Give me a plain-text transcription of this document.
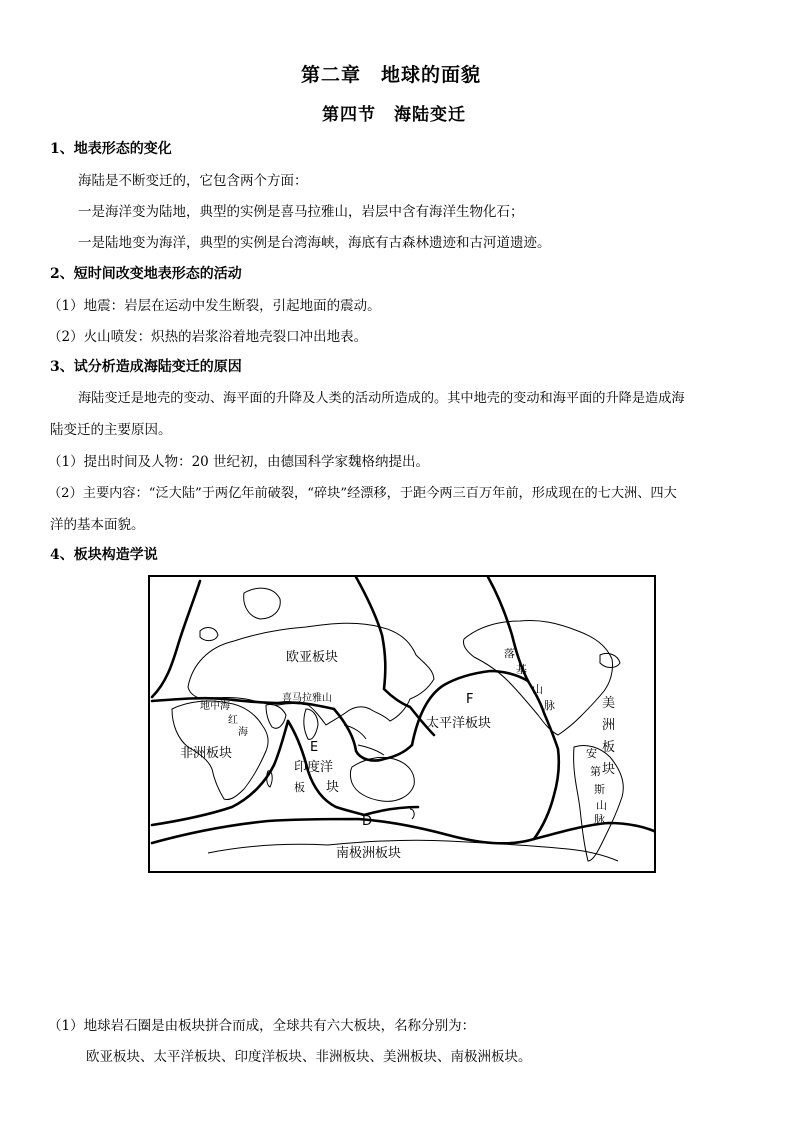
第二章　地球的面貌
第四节　海陆变迁
1、地表形态的变化
海陆是不断变迁的，它包含两个方面：
一是海洋变为陆地，典型的实例是喜马拉雅山，岩层中含有海洋生物化石；
一是陆地变为海洋，典型的实例是台湾海峡，海底有古森林遗迹和古河道遗迹。
2、短时间改变地表形态的活动
（1）地震：岩层在运动中发生断裂，引起地面的震动。
（2）火山喷发：炽热的岩浆浴着地壳裂口冲出地表。
3、试分析造成海陆变迁的原因
海陆变迁是地壳的变动、海平面的升降及人类的活动所造成的。其中地壳的变动和海平面的升降是造成海
陆变迁的主要原因。
（1）提出时间及人物：20 世纪初，由德国科学家魏格纳提出。
（2）主要内容：“泛大陆”于两亿年前破裂，“碎块”经漂移，于距今两三百万年前，形成现在的七大洲、四大
洋的基本面貌。
4、板块构造学说
欧亚板块
太平洋板块
非洲板块
印度洋
板 块
南极洲板块
喜马拉雅山
地中海
红
海
F
E
D
落
基
山
脉	美
洲
板
块
安
第
斯
山
脉
（1）地球岩石圈是由板块拼合而成，全球共有六大板块，名称分别为：
欧亚板块、太平洋板块、印度洋板块、非洲板块、美洲板块、南极洲板块。
